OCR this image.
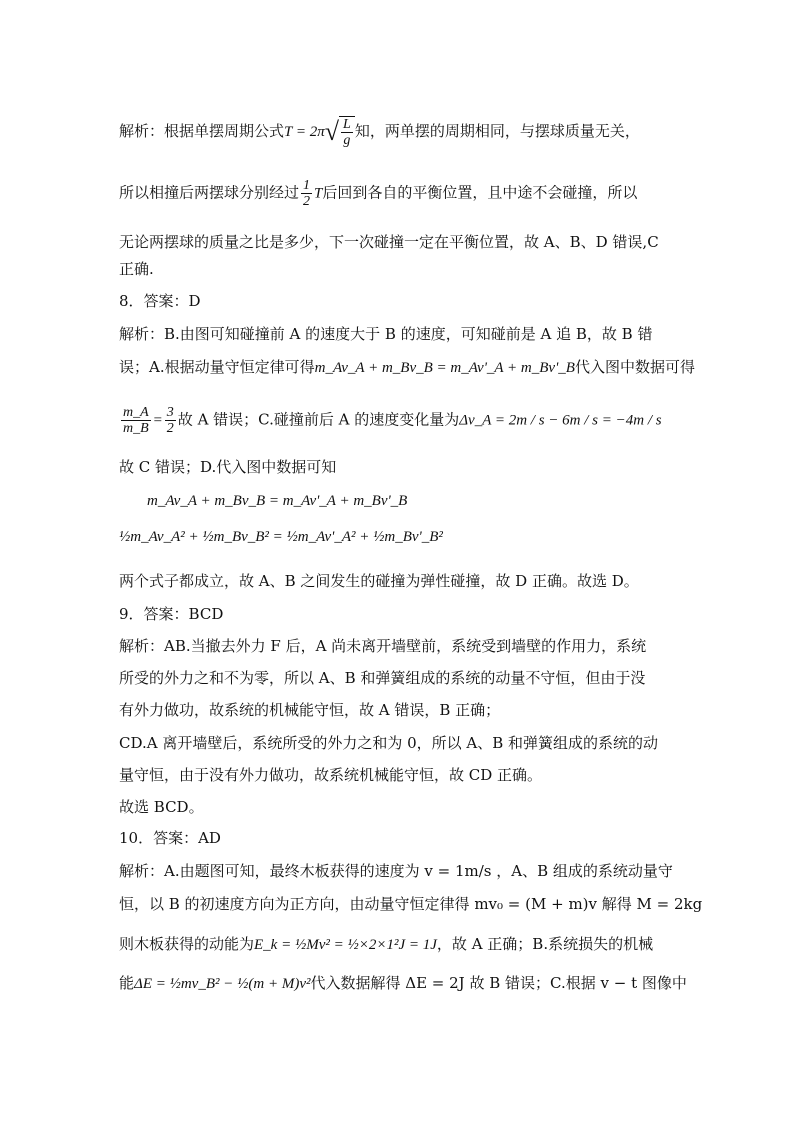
解析：根据单摆周期公式$T = 2\pi√ \frac{L}{g}$ 知，两单摆的周期相同，与摆球质量无关，
所以相撞后两摆球分别经过 $\frac{1}{2}$ T后回到各自的平衡位置，且中途不会碰撞，所以
无论两摆球的质量之比是多少，下一次碰撞一定在平衡位置，故 A、B、D 错误,C
正确.
8．答案：D
解析：B.由图可知碰撞前 A 的速度大于 B 的速度，可知碰前是 A 追 B，故 B 错
误；A.根据动量守恒定律可得m_Av_A + m_Bv_B = m_Av'_A + m_Bv'_B代入图中数据可得
$\frac{m\_A}{m\_B} = \frac{3}{2}$ 故 A 错误；C.碰撞前后 A 的速度变化量为Δv_A = 2m / s − 6m / s = −4m / s
故 C 错误；D.代入图中数据可知
m_Av_A + m_Bv_B = m_Av'_A + m_Bv'_B
½m_Av_A² + ½m_Bv_B² = ½m_Av'_A² + ½m_Bv'_B²
两个式子都成立，故 A、B 之间发生的碰撞为弹性碰撞，故 D 正确。故选 D。
9．答案：BCD
解析：AB.当撤去外力 F 后，A 尚未离开墙壁前，系统受到墙壁的作用力，系统
所受的外力之和不为零，所以 A、B 和弹簧组成的系统的动量不守恒，但由于没
有外力做功，故系统的机械能守恒，故 A 错误，B 正确；
CD.A 离开墙壁后，系统所受的外力之和为 0，所以 A、B 和弹簧组成的系统的动
量守恒，由于没有外力做功，故系统机械能守恒，故 CD 正确。
故选 BCD。
10．答案：AD
解析：A.由题图可知，最终木板获得的速度为 v = 1m/s ，A、B 组成的系统动量守
恒，以 B 的初速度方向为正方向，由动量守恒定律得 mv₀ = (M + m)v 解得 M = 2kg
则木板获得的动能为E_k = ½Mv² = ½×2×1²J = 1J，故 A 正确；B.系统损失的机械
能ΔE = ½mv_B² − ½(m + M)v²代入数据解得 ΔE = 2J 故 B 错误；C.根据 v − t 图像中
